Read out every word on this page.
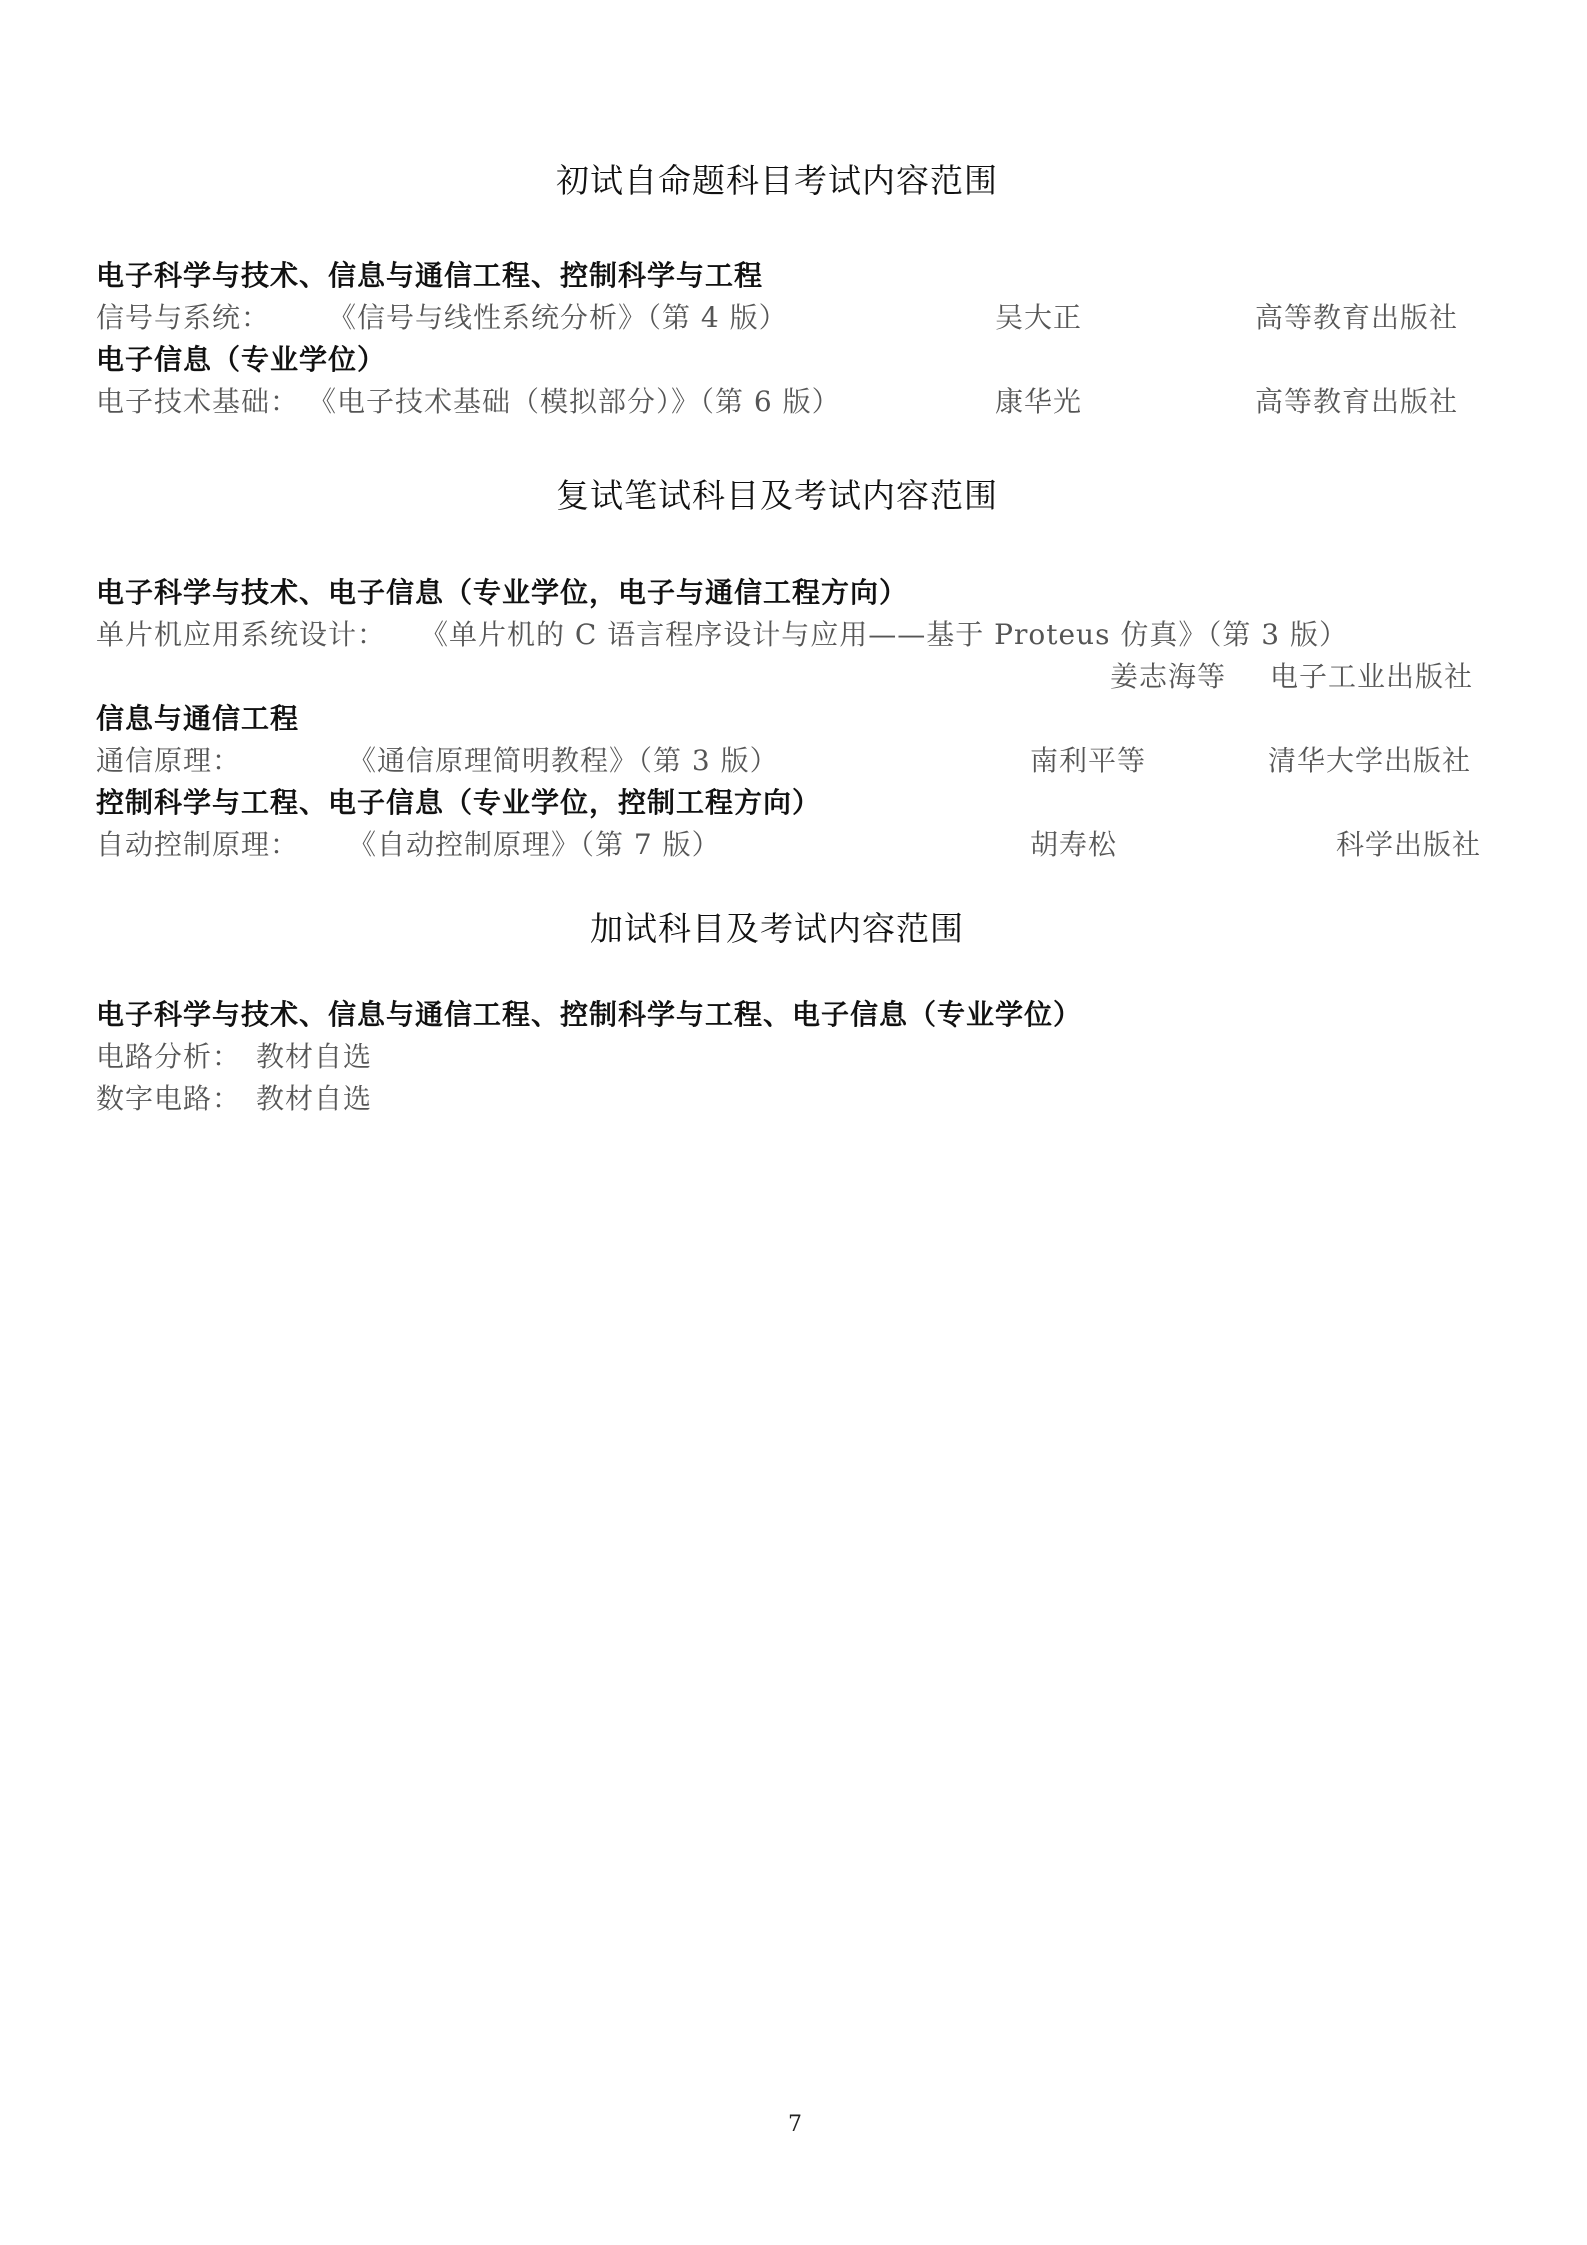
初试自命题科目考试内容范围
电子科学与技术、信息与通信工程、控制科学与工程
信号与系统： 《信号与线性系统分析》（第 4 版）	吴大正	高等教育出版社
电子信息（专业学位）
电子技术基础： 《电子技术基础（模拟部分）》（第 6 版）	康华光	高等教育出版社
复试笔试科目及考试内容范围
电子科学与技术、电子信息（专业学位，电子与通信工程方向）
单片机应用系统设计： 《单片机的 C 语言程序设计与应用——基于 Proteus 仿真》（第 3 版）
姜志海等 电子工业出版社
信息与通信工程
通信原理：	《通信原理简明教程》（第 3 版）	南利平等	清华大学出版社
控制科学与工程、电子信息（专业学位，控制工程方向）
自动控制原理： 《自动控制原理》（第 7 版）	胡寿松	科学出版社
加试科目及考试内容范围
电子科学与技术、信息与通信工程、控制科学与工程、电子信息（专业学位）
电路分析： 教材自选
数字电路： 教材自选
7
